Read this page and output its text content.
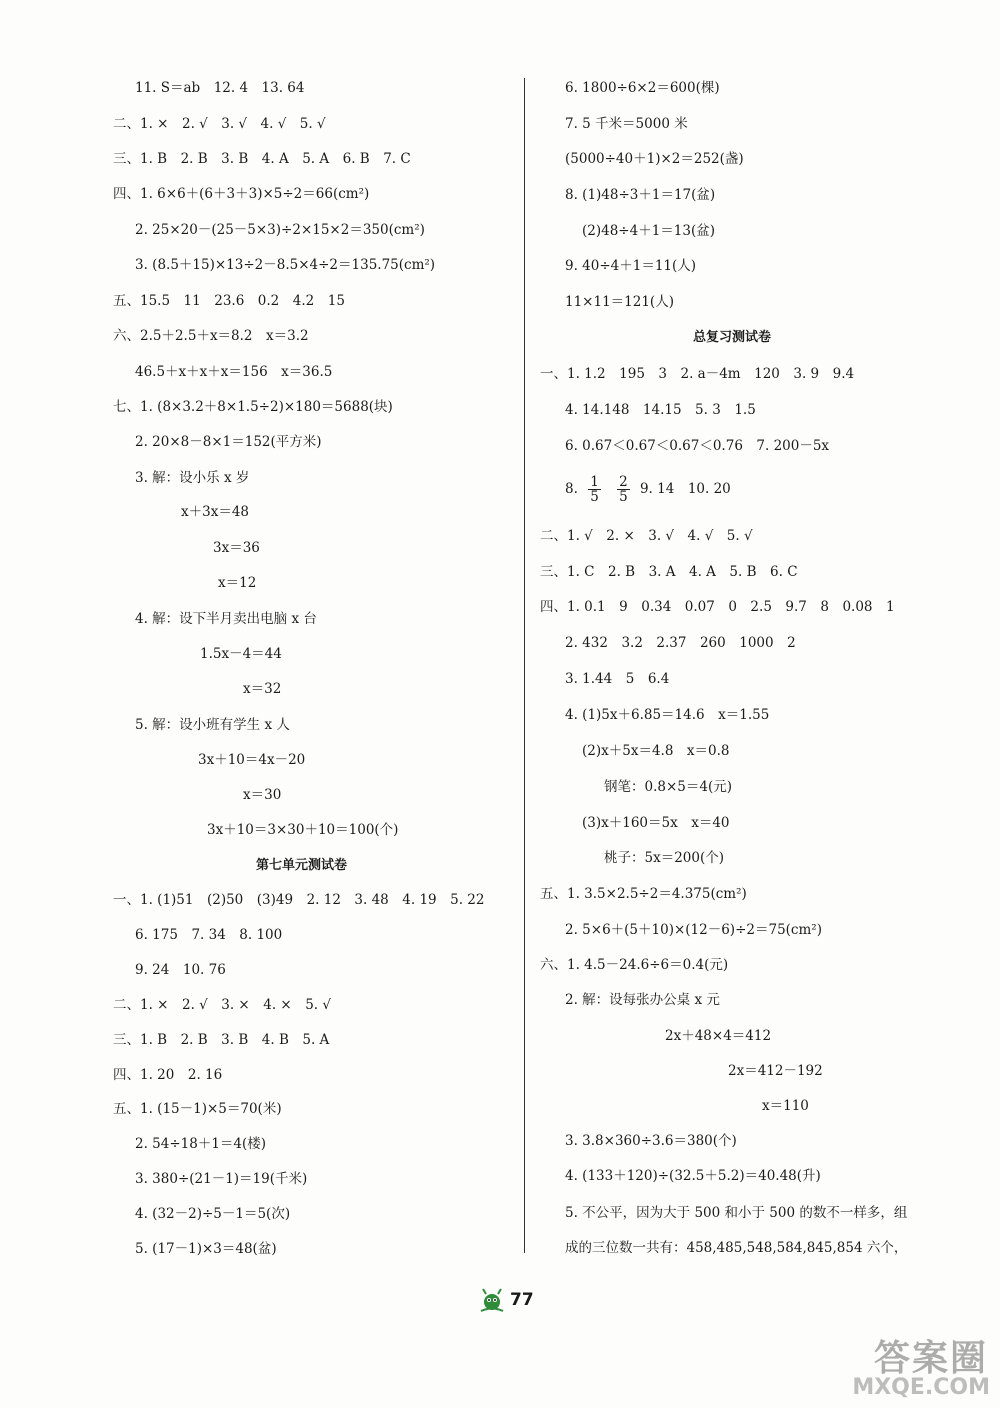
11. S＝ab　12. 4　13. 64
二、1. ×　2. √　3. √　4. √　5. √
三、1. B　2. B　3. B　4. A　5. A　6. B　7. C
四、1. 6×6＋(6＋3＋3)×5÷2＝66(cm²)
2. 25×20－(25－5×3)÷2×15×2＝350(cm²)
3. (8.5＋15)×13÷2－8.5×4÷2＝135.75(cm²)
五、15.5　11　23.6　0.2　4.2　15
六、2.5＋2.5＋x＝8.2　x＝3.2
46.5＋x＋x＋x＝156　x＝36.5
七、1. (8×3.2＋8×1.5÷2)×180＝5688(块)
2. 20×8－8×1＝152(平方米)
3. 解：设小乐 x 岁
x＋3x＝48
3x＝36
x＝12
4. 解：设下半月卖出电脑 x 台
1.5x－4＝44
x＝32
5. 解：设小班有学生 x 人
3x＋10＝4x－20
x＝30
3x＋10＝3×30＋10＝100(个)
第七单元测试卷
一、1. (1)51　(2)50　(3)49　2. 12　3. 48　4. 19　5. 22
6. 175　7. 34　8. 100
9. 24　10. 76
二、1. ×　2. √　3. ×　4. ×　5. √
三、1. B　2. B　3. B　4. B　5. A
四、1. 20　2. 16
五、1. (15－1)×5＝70(米)
2. 54÷18＋1＝4(楼)
3. 380÷(21－1)＝19(千米)
4. (32－2)÷5－1＝5(次)
5. (17－1)×3＝48(盆)
6. 1800÷6×2＝600(棵)
7. 5 千米＝5000 米
(5000÷40＋1)×2＝252(盏)
8. (1)48÷3＋1＝17(盆)
(2)48÷4＋1＝13(盆)
9. 40÷4＋1＝11(人)
11×11＝121(人)
总复习测试卷
一、1. 1.2　195　3　2. a－4m　120　3. 9　9.4
4. 14.148　14.15　5. 3　1.5
6. 0.67＜0.67＜0.67＜0.76　7. 200－5x
8. $\frac{1}{5}$
$\frac{2}{5} 9$. 14　10. 20
二、1. √　2. ×　3. √　4. √　5. √
三、1. C　2. B　3. A　4. A　5. B　6. C
四、1. 0.1　9　0.34　0.07　0　2.5　9.7　8　0.08　1
2. 432　3.2　2.37　260　1000　2
3. 1.44　5　6.4
4. (1)5x＋6.85＝14.6　x＝1.55
(2)x＋5x＝4.8　x＝0.8
钢笔：0.8×5＝4(元)
(3)x＋160＝5x　x＝40
桃子：5x＝200(个)
五、1. 3.5×2.5÷2＝4.375(cm²)
2. 5×6＋(5＋10)×(12－6)÷2＝75(cm²)
六、1. 4.5－24.6÷6＝0.4(元)
2. 解：设每张办公桌 x 元
2x＋48×4＝412
2x＝412－192
x＝110
3. 3.8×360÷3.6＝380(个)
4. (133＋120)÷(32.5＋5.2)＝40.48(升)
5. 不公平，因为大于 500 和小于 500 的数不一样多，组
成的三位数一共有：458,485,548,584,845,854 六个，
77
答案圈
MXQE.COM
